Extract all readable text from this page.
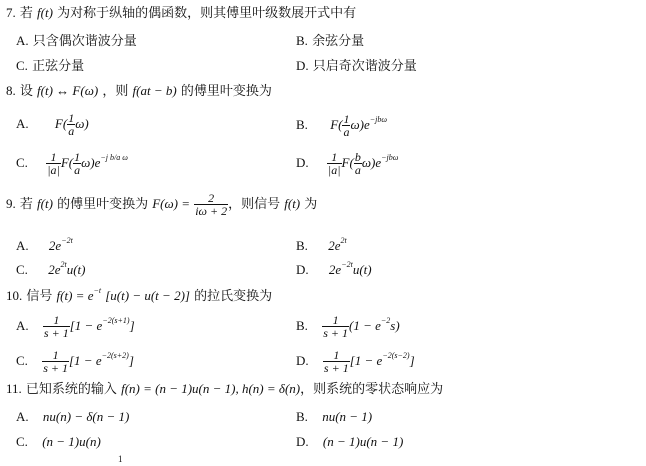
7. 若 f(t) 为对称于纵轴的偶函数，则其傅里叶级数展开式中有
A. 只含偶次谐波分量	B. 余弦分量
C. 正弦分量	D. 只启奇次谐波分量
8. 设 f(t) ↔ F(ω) ，则 f(at − b) 的傅里叶变换为
A. $F( \frac{1}{a} \omega)$	B. $F( \frac{1}{a} \omega)e^{-jb\omega}$
C. $\frac{1}{|a|} F( \frac{1}{a} \omega)e^{-j b/a \omega}$	D. $\frac{1}{|a|} F( \frac{b}{a} \omega)e^{-jb\omega}$
9. 若 f(t) 的傅里叶变换为 $F(\omega) = \frac{2}{i\omega + 2}$ ，则信号 f(t) 为
A. $2e^{-2t}$	B. $2e^{2t}$
C. $2e^{2t}u(t)$	D. $2e^{-2t}u(t)$
10. 信号 $f(t) = e^{-t}$ [u(t) − u(t − 2)] 的拉氏变换为
A. $\frac{1}{s + 1} [1 - e^{-2(s+1)}]$	B. $\frac{1}{s + 1} (1 - e^{-2}s)$
C. $\frac{1}{s + 1} [1 - e^{-2(s+2)}]$	D. $\frac{1}{s + 1} [1 - e^{-2(s-2)}]$
11. 已知系统的输入 f(n) = (n − 1)u(n − 1), h(n) = δ(n)，则系统的零状态响应为
A. nu(n) − δ(n − 1)	B. nu(n − 1)
C. (n − 1)u(n)	D. (n − 1)u(n − 1)
1
